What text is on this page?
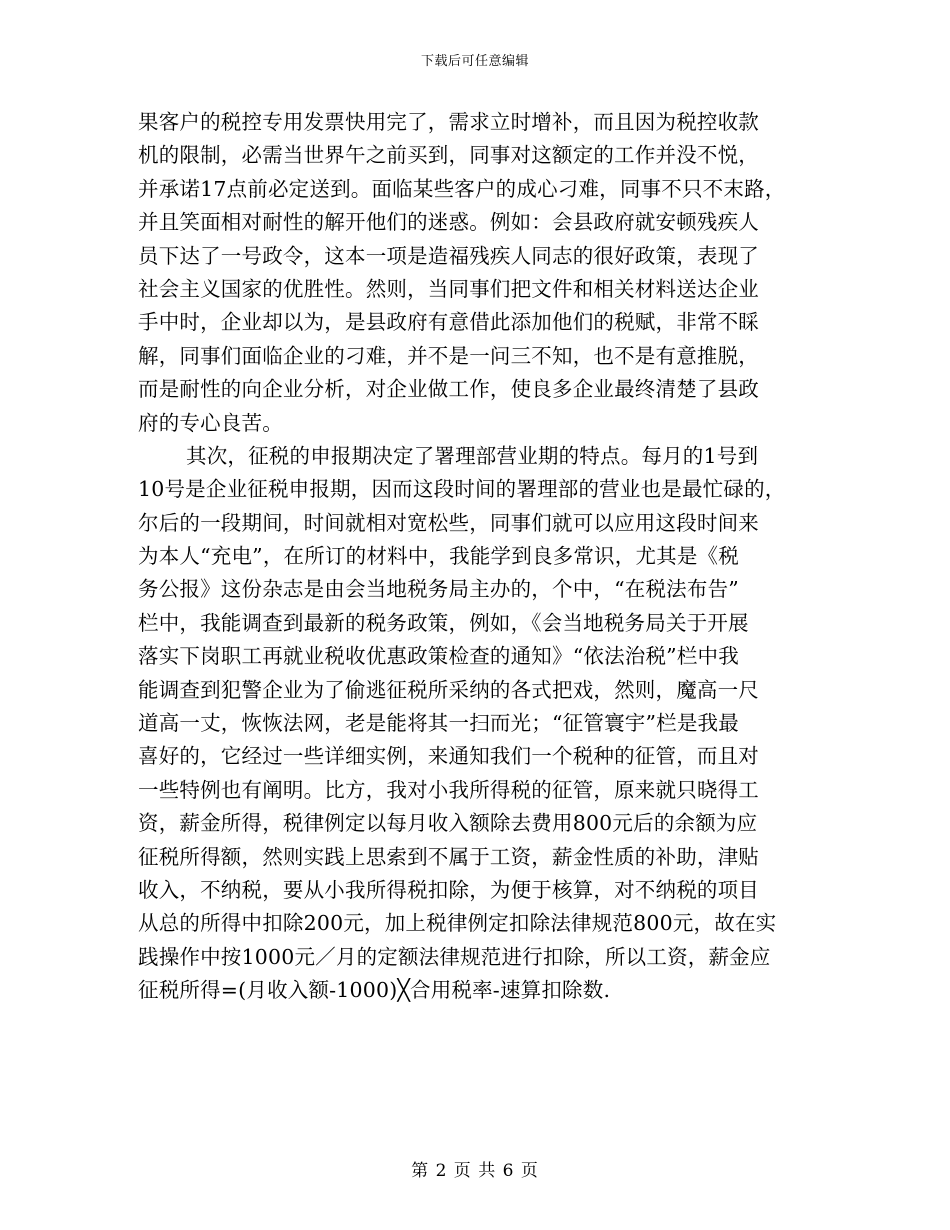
下载后可任意编辑
果客户的税控专用发票快用完了，需求立时增补，而且因为税控收款
机的限制，必需当世界午之前买到，同事对这额定的工作并没不悦，
并承诺17点前必定送到。面临某些客户的成心刁难，同事不只不末路，
并且笑面相对耐性的解开他们的迷惑。例如：会县政府就安顿残疾人
员下达了一号政令，这本一项是造福残疾人同志的很好政策，表现了
社会主义国家的优胜性。然则，当同事们把文件和相关材料送达企业
手中时，企业却以为，是县政府有意借此添加他们的税赋，非常不睬
解，同事们面临企业的刁难，并不是一问三不知，也不是有意推脱，
而是耐性的向企业分析，对企业做工作，使良多企业最终清楚了县政
府的专心良苦。
其次，征税的申报期决定了署理部营业期的特点。每月的1号到
10号是企业征税申报期，因而这段时间的署理部的营业也是最忙碌的，
尔后的一段期间，时间就相对宽松些，同事们就可以应用这段时间来
为本人“充电”，在所订的材料中，我能学到良多常识，尤其是《税
务公报》这份杂志是由会当地税务局主办的，个中，“在税法布告”
栏中，我能调查到最新的税务政策，例如，《会当地税务局关于开展
落实下岗职工再就业税收优惠政策检查的通知》“依法治税”栏中我
能调查到犯警企业为了偷逃征税所采纳的各式把戏，然则，魔高一尺
道高一丈，恢恢法网，老是能将其一扫而光；“征管寰宇”栏是我最
喜好的，它经过一些详细实例，来通知我们一个税种的征管，而且对
一些特例也有阐明。比方，我对小我所得税的征管，原来就只晓得工
资，薪金所得，税律例定以每月收入额除去费用800元后的余额为应
征税所得额，然则实践上思索到不属于工资，薪金性质的补助，津贴
收入，不纳税，要从小我所得税扣除，为便于核算，对不纳税的项目
从总的所得中扣除200元，加上税律例定扣除法律规范800元，故在实
践操作中按1000元／月的定额法律规范进行扣除，所以工资，薪金应
征税所得=(月收入额-1000)╳合用税率-速算扣除数.
第 2 页 共 6 页
